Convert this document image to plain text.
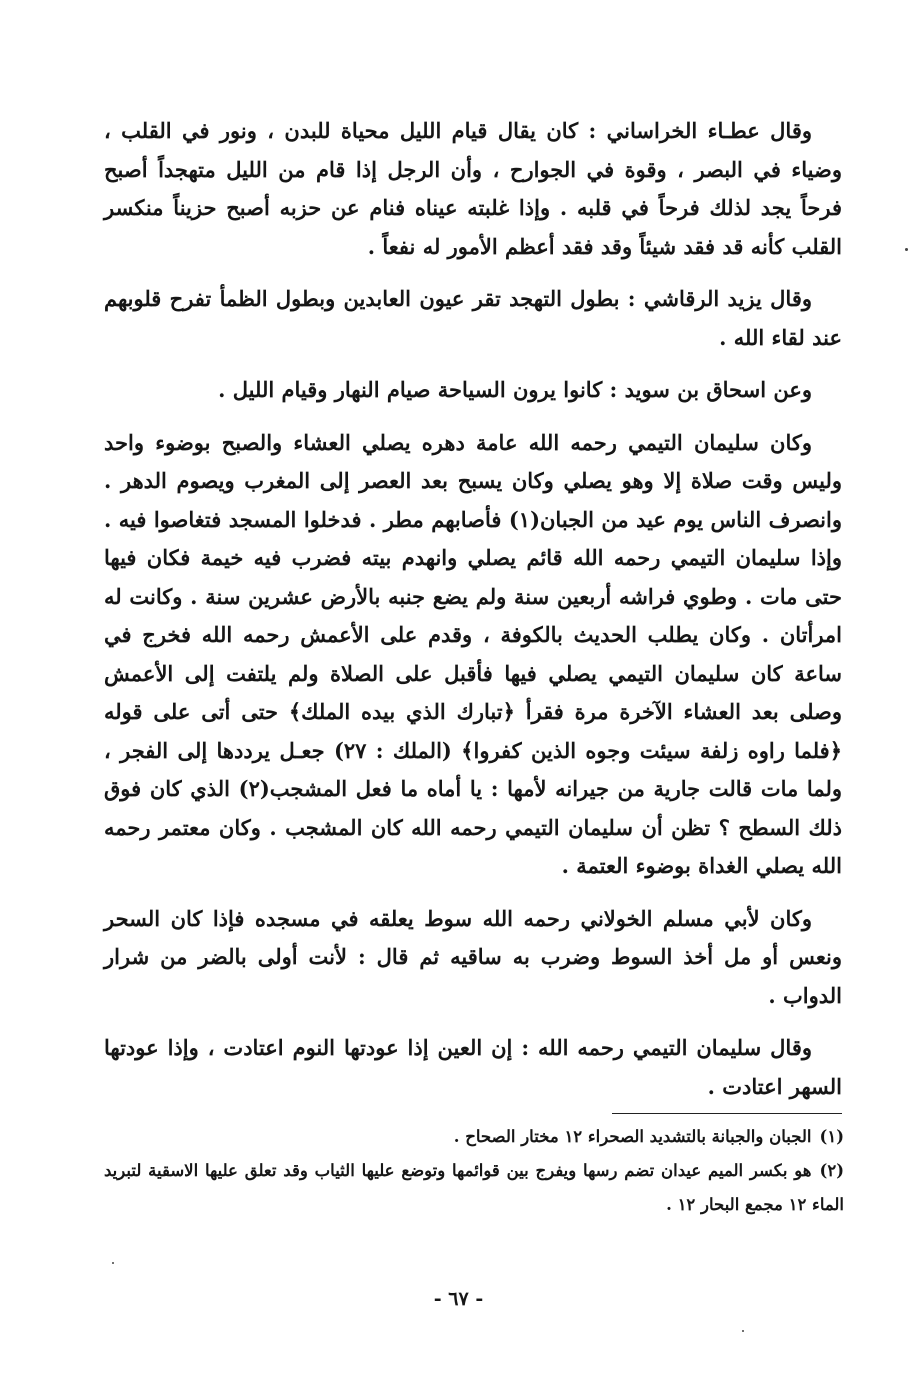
وقال عطـاء الخراساني : كان يقال قيام الليل محياة للبدن ، ونور في القلب ، وضياء في البصر ، وقوة في الجوارح ، وأن الرجل إذا قام من الليل متهجداً أصبح فرحاً يجد لذلك فرحاً في قلبه . وإذا غلبته عيناه فنام عن حزبه أصبح حزيناً منكسر القلب كأنه قد فقد شيئاً وقد فقد أعظم الأمور له نفعاً .

وقال يزيد الرقاشي : بطول التهجد تقر عيون العابدين وبطول الظمأ تفرح قلوبهم عند لقاء الله .

وعن اسحاق بن سويد : كانوا يرون السياحة صيام النهار وقيام الليل .

وكان سليمان التيمي رحمه الله عامة دهره يصلي العشاء والصبح بوضوء واحد وليس وقت صلاة إلا وهو يصلي وكان يسبح بعد العصر إلى المغرب ويصوم الدهر . وانصرف الناس يوم عيد من الجبان(١) فأصابهم مطر . فدخلوا المسجد فتغاصوا فيه . وإذا سليمان التيمي رحمه الله قائم يصلي وانهدم بيته فضرب فيه خيمة فكان فيها حتى مات . وطوي فراشه أربعين سنة ولم يضع جنبه بالأرض عشرين سنة . وكانت له امرأتان . وكان يطلب الحديث بالكوفة ، وقدم على الأعمش رحمه الله فخرج في ساعة كان سليمان التيمي يصلي فيها فأقبل على الصلاة ولم يلتفت إلى الأعمش وصلى بعد العشاء الآخرة مرة فقرأ ﴿تبارك الذي بيده الملك﴾ حتى أتى على قوله ﴿فلما راوه زلفة سيئت وجوه الذين كفروا﴾ (الملك : ٢٧) جعـل يرددها إلى الفجر ، ولما مات قالت جارية من جيرانه لأمها : يا أماه ما فعل المشجب(٢) الذي كان فوق ذلك السطح ؟ تظن أن سليمان التيمي رحمه الله كان المشجب . وكان معتمر رحمه الله يصلي الغداة بوضوء العتمة .

وكان لأبي مسلم الخولاني رحمه الله سوط يعلقه في مسجده فإذا كان السحر ونعس أو مل أخذ السوط وضرب به ساقيه ثم قال : لأنت أولى بالضر من شرار الدواب .

وقال سليمان التيمي رحمه الله : إن العين إذا عودتها النوم اعتادت ، وإذا عودتها السهر اعتادت .

(١)الجبان والجبانة بالتشديد الصحراء ١٢ مختار الصحاح .

(٢)هو بكسر الميم عيدان تضم رسها ويفرج بين قوائمها وتوضع عليها الثياب وقد تعلق عليها الاسقية لتبريد الماء ١٢ مجمع البحار ١٢ .

- ٦٧ -
